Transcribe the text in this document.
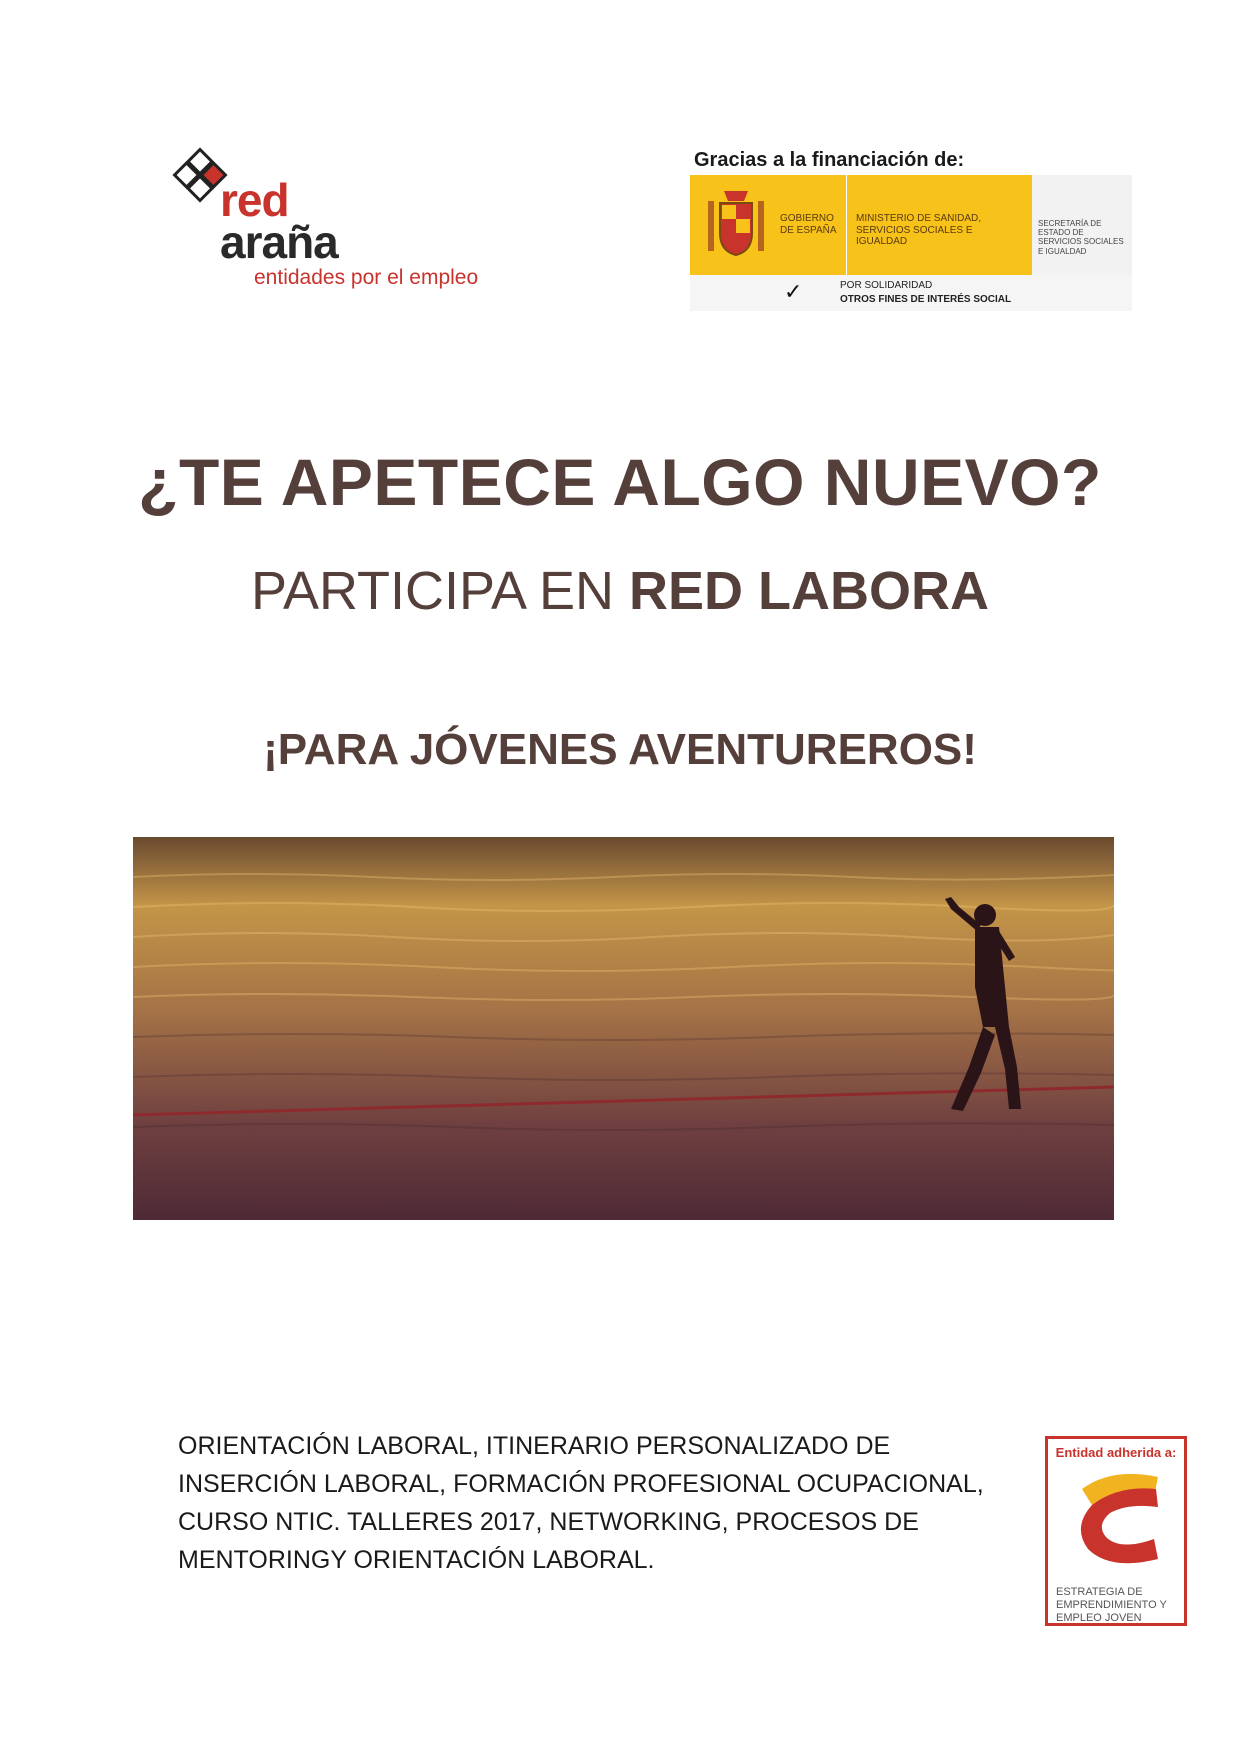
red
araña
entidades por el empleo
Gracias a la financiación de:
GOBIERNO DE ESPAÑA
MINISTERIO DE SANIDAD, SERVICIOS SOCIALES E IGUALDAD
SECRETARÍA DE ESTADO DE SERVICIOS SOCIALES E IGUALDAD
✓	POR SOLIDARIDAD
OTROS FINES DE INTERÉS SOCIAL
¿TE APETECE ALGO NUEVO?
PARTICIPA EN RED LABORA
¡PARA JÓVENES AVENTUREROS!
ORIENTACIÓN LABORAL, ITINERARIO PERSONALIZADO DE INSERCIÓN LABORAL, FORMACIÓN PROFESIONAL OCUPACIONAL, CURSO NTIC. TALLERES 2017, NETWORKING, PROCESOS DE MENTORINGY ORIENTACIÓN LABORAL.
Entidad adherida a:
ESTRATEGIA DE
EMPRENDIMIENTO Y
EMPLEO JOVEN
